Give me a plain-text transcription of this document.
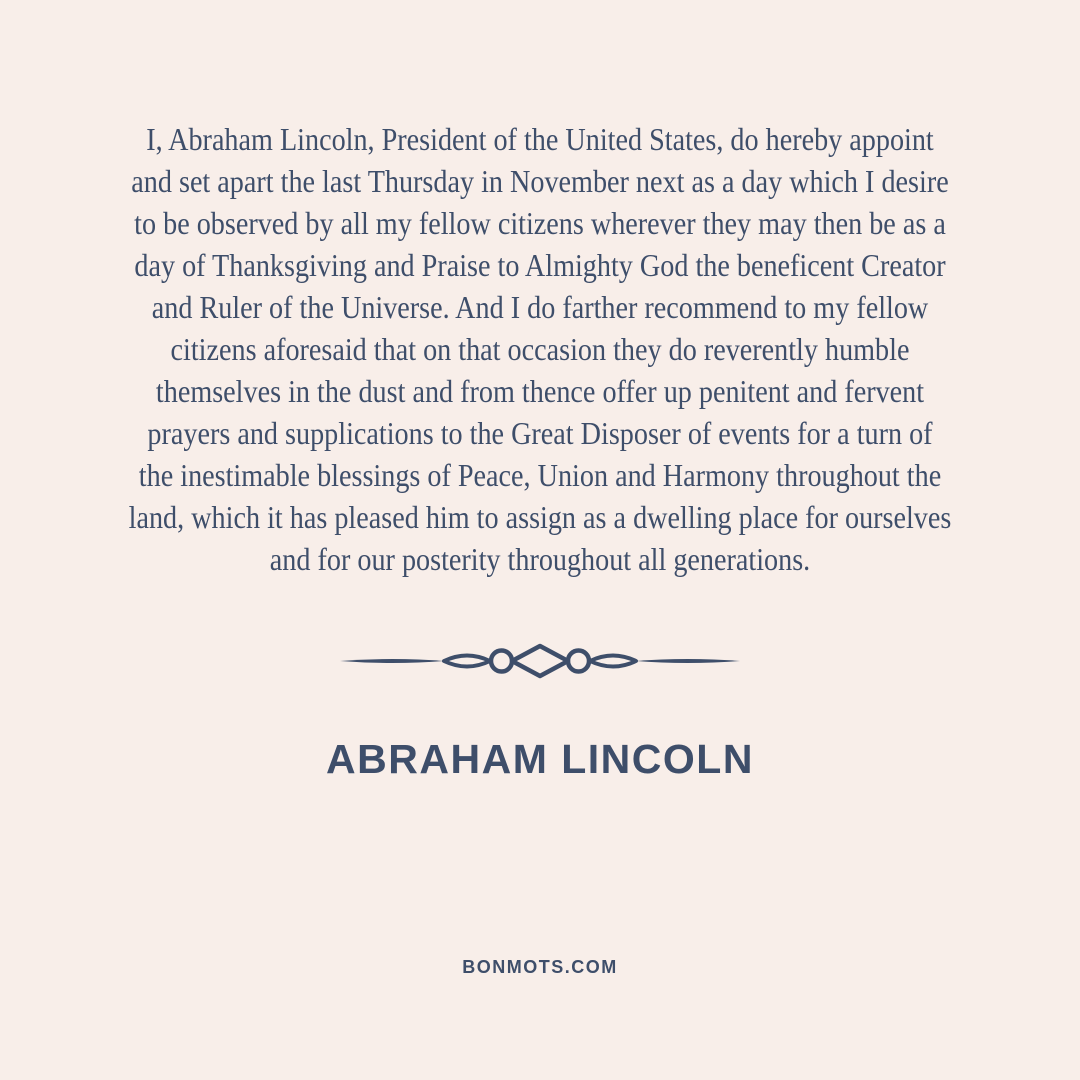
I, Abraham Lincoln, President of the United States, do hereby appoint
and set apart the last Thursday in November next as a day which I desire
to be observed by all my fellow citizens wherever they may then be as a
day of Thanksgiving and Praise to Almighty God the beneficent Creator
and Ruler of the Universe. And I do farther recommend to my fellow
citizens aforesaid that on that occasion they do reverently humble
themselves in the dust and from thence offer up penitent and fervent
prayers and supplications to the Great Disposer of events for a turn of
the inestimable blessings of Peace, Union and Harmony throughout the
land, which it has pleased him to assign as a dwelling place for ourselves
and for our posterity throughout all generations.
ABRAHAM LINCOLN
BONMOTS.COM
